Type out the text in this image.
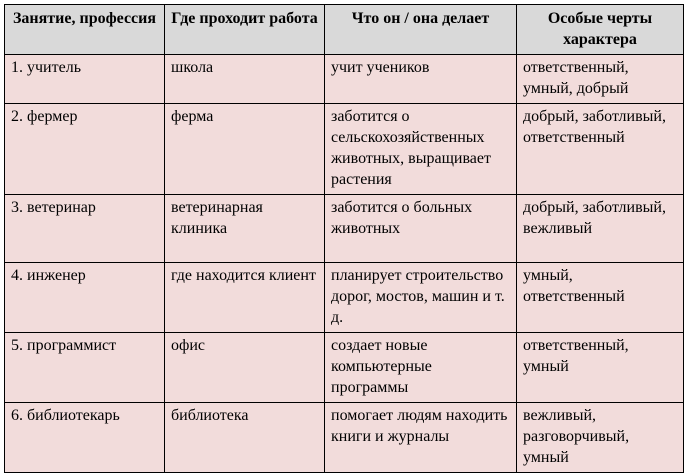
Занятие, профессия	Где проходит работа	Что он / она делает	Особые черты характера
1. учитель	школа	учит учеников	ответственный, умный, добрый
2. фермер	ферма	заботится о сельскохозяйственных животных, выращивает растения	добрый, заботливый, ответственный
3. ветеринар	ветеринарная клиника	заботится о больных животных	добрый, заботливый, вежливый
4. инженер	где находится клиент	планирует строительство дорог, мостов, машин и т. д.	умный, ответственный
5. программист	офис	создает новые компьютерные программы	ответственный, умный
6. библиотекарь	библиотека	помогает людям находить книги и журналы	вежливый, разговорчивый, умный
